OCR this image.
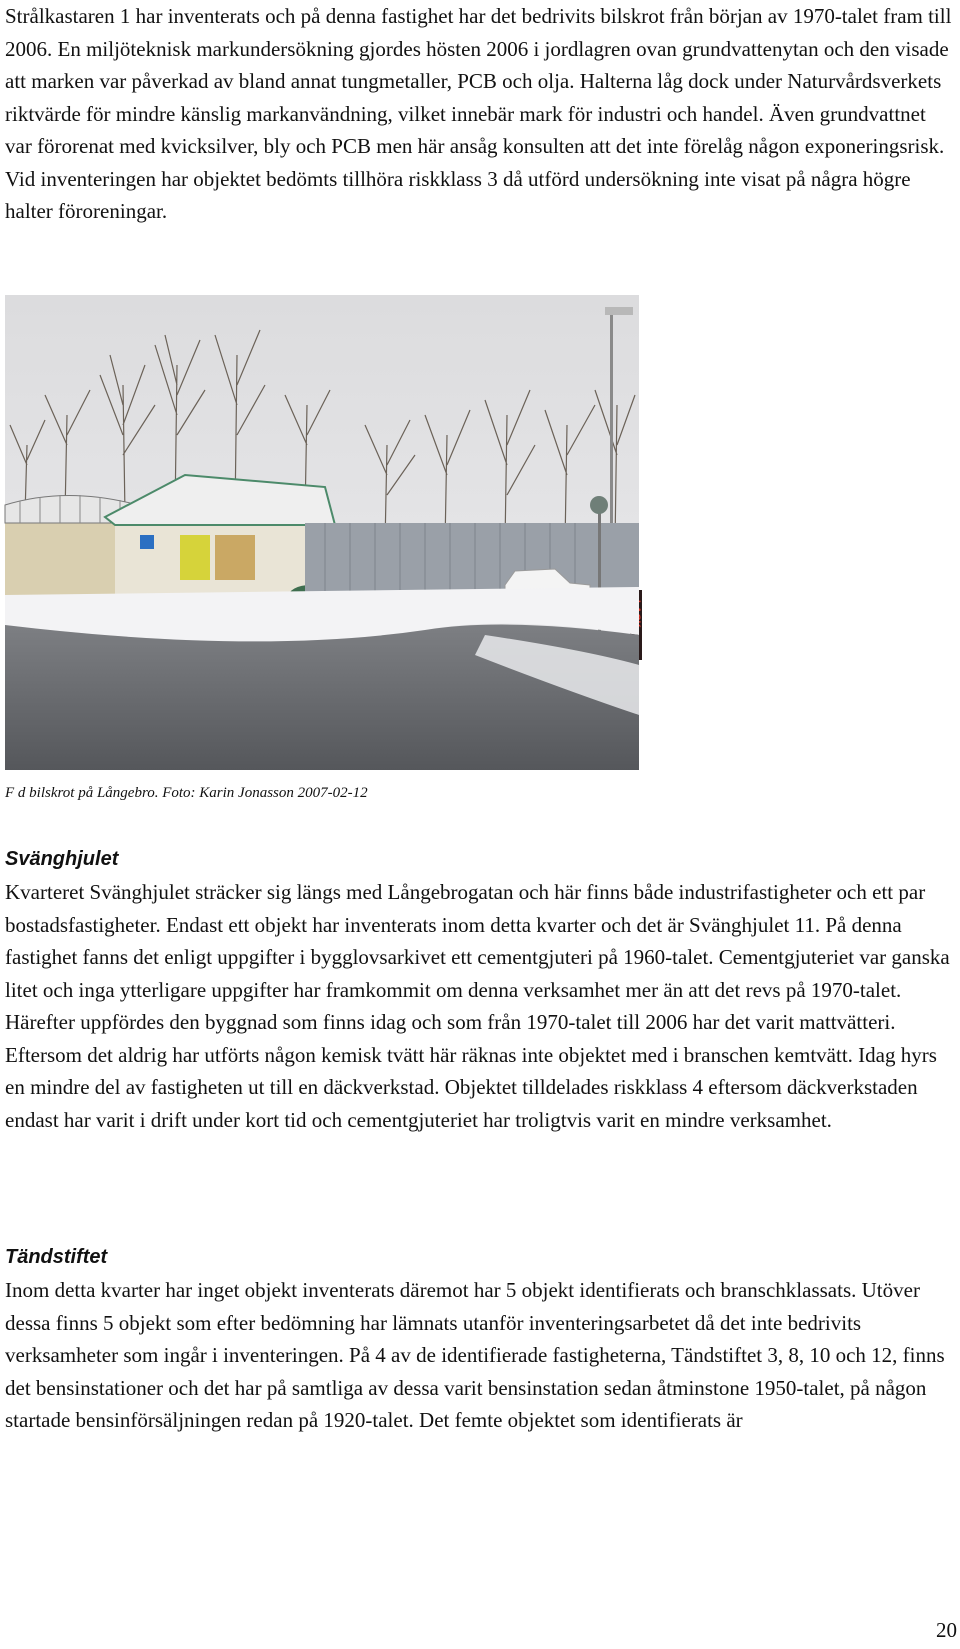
Strålkastaren 1 har inventerats och på denna fastighet har det bedrivits bilskrot från början av 1970-talet fram till 2006. En miljöteknisk markundersökning gjordes hösten 2006 i jordlagren ovan grundvattenytan och den visade att marken var påverkad av bland annat tungmetaller, PCB och olja. Halterna låg dock under Naturvårdsverkets riktvärde för mindre känslig markanvändning, vilket innebär mark för industri och handel. Även grundvattnet var förorenat med kvicksilver, bly och PCB men här ansåg konsulten att det inte förelåg någon exponeringsrisk. Vid inventeringen har objektet bedömts tillhöra riskklass 3 då utförd undersökning inte visat på några högre halter föroreningar.

F d bilskrot på Långebro. Foto: Karin Jonasson 2007-02-12

Svänghjulet

Kvarteret Svänghjulet sträcker sig längs med Långebrogatan och här finns både industrifastigheter och ett par bostadsfastigheter. Endast ett objekt har inventerats inom detta kvarter och det är Svänghjulet 11. På denna fastighet fanns det enligt uppgifter i bygglovsarkivet ett cementgjuteri på 1960-talet. Cementgjuteriet var ganska litet och inga ytterligare uppgifter har framkommit om denna verksamhet mer än att det revs på 1970-talet. Härefter uppfördes den byggnad som finns idag och som från 1970-talet till 2006 har det varit mattvätteri. Eftersom det aldrig har utförts någon kemisk tvätt här räknas inte objektet med i branschen kemtvätt. Idag hyrs en mindre del av fastigheten ut till en däckverkstad. Objektet tilldelades riskklass 4 eftersom däckverkstaden endast har varit i drift under kort tid och cementgjuteriet har troligtvis varit en mindre verksamhet.

Tändstiftet

Inom detta kvarter har inget objekt inventerats däremot har 5 objekt identifierats och branschklassats. Utöver dessa finns 5 objekt som efter bedömning har lämnats utanför inventeringsarbetet då det inte bedrivits verksamheter som ingår i inventeringen. På 4 av de identifierade fastigheterna, Tändstiftet 3, 8, 10 och 12, finns det bensinstationer och det har på samtliga av dessa varit bensinstation sedan åtminstone 1950-talet, på någon startade bensinförsäljningen redan på 1920-talet. Det femte objektet som identifierats är

20
